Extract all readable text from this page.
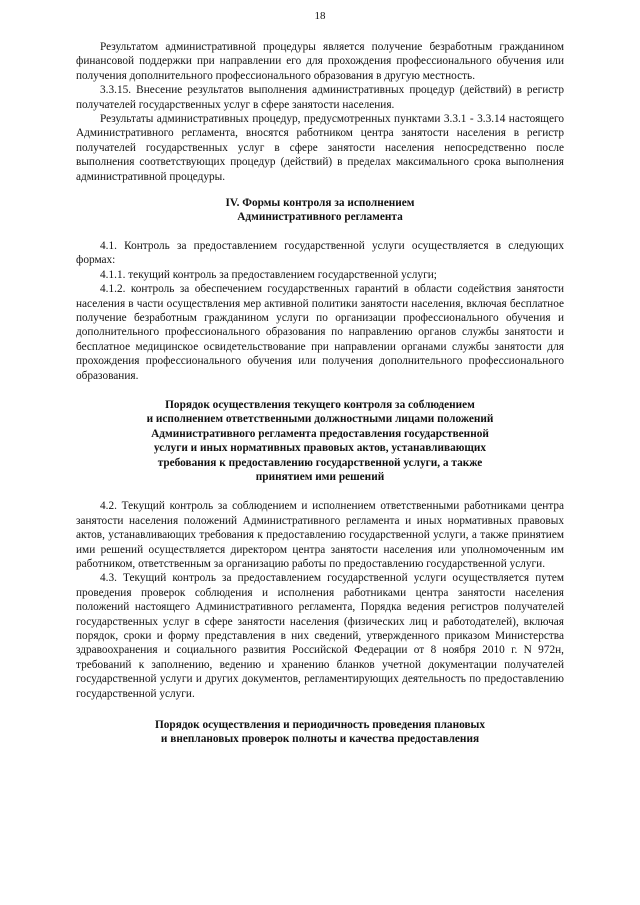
18

Результатом административной процедуры является получение безработным гражданином финансовой поддержки при направлении его для прохождения профессионального обучения или получения дополнительного профессионального образования в другую местность.

3.3.15. Внесение результатов выполнения административных процедур (действий) в регистр получателей государственных услуг в сфере занятости населения.

Результаты административных процедур, предусмотренных пунктами 3.3.1 - 3.3.14 настоящего Административного регламента, вносятся работником центра занятости населения в регистр получателей государственных услуг в сфере занятости населения непосредственно после выполнения соответствующих процедур (действий) в пределах максимального срока выполнения административной процедуры.

IV. Формы контроля за исполнением
Административного регламента

4.1. Контроль за предоставлением государственной услуги осуществляется в следующих формах:

4.1.1. текущий контроль за предоставлением государственной услуги;

4.1.2. контроль за обеспечением государственных гарантий в области содействия занятости населения в части осуществления мер активной политики занятости населения, включая бесплатное получение безработным гражданином услуги по организации профессионального обучения и дополнительного профессионального образования по направлению органов службы занятости и бесплатное медицинское освидетельствование при направлении органами службы занятости для прохождения профессионального обучения или получения дополнительного профессионального образования.

Порядок осуществления текущего контроля за соблюдением
и исполнением ответственными должностными лицами положений
Административного регламента предоставления государственной
услуги и иных нормативных правовых актов, устанавливающих
требования к предоставлению государственной услуги, а также
принятием ими решений

4.2. Текущий контроль за соблюдением и исполнением ответственными работниками центра занятости населения положений Административного регламента и иных нормативных правовых актов, устанавливающих требования к предоставлению государственной услуги, а также принятием ими решений осуществляется директором центра занятости населения или уполномоченным им работником, ответственным за организацию работы по предоставлению государственной услуги.

4.3. Текущий контроль за предоставлением государственной услуги осуществляется путем проведения проверок соблюдения и исполнения работниками центра занятости населения положений настоящего Административного регламента, Порядка ведения регистров получателей государственных услуг в сфере занятости населения (физических лиц и работодателей), включая порядок, сроки и форму представления в них сведений, утвержденного приказом Министерства здравоохранения и социального развития Российской Федерации от 8 ноября 2010 г. N 972н, требований к заполнению, ведению и хранению бланков учетной документации получателей государственной услуги и других документов, регламентирующих деятельность по предоставлению государственной услуги.

Порядок осуществления и периодичность проведения плановых
и внеплановых проверок полноты и качества предоставления
